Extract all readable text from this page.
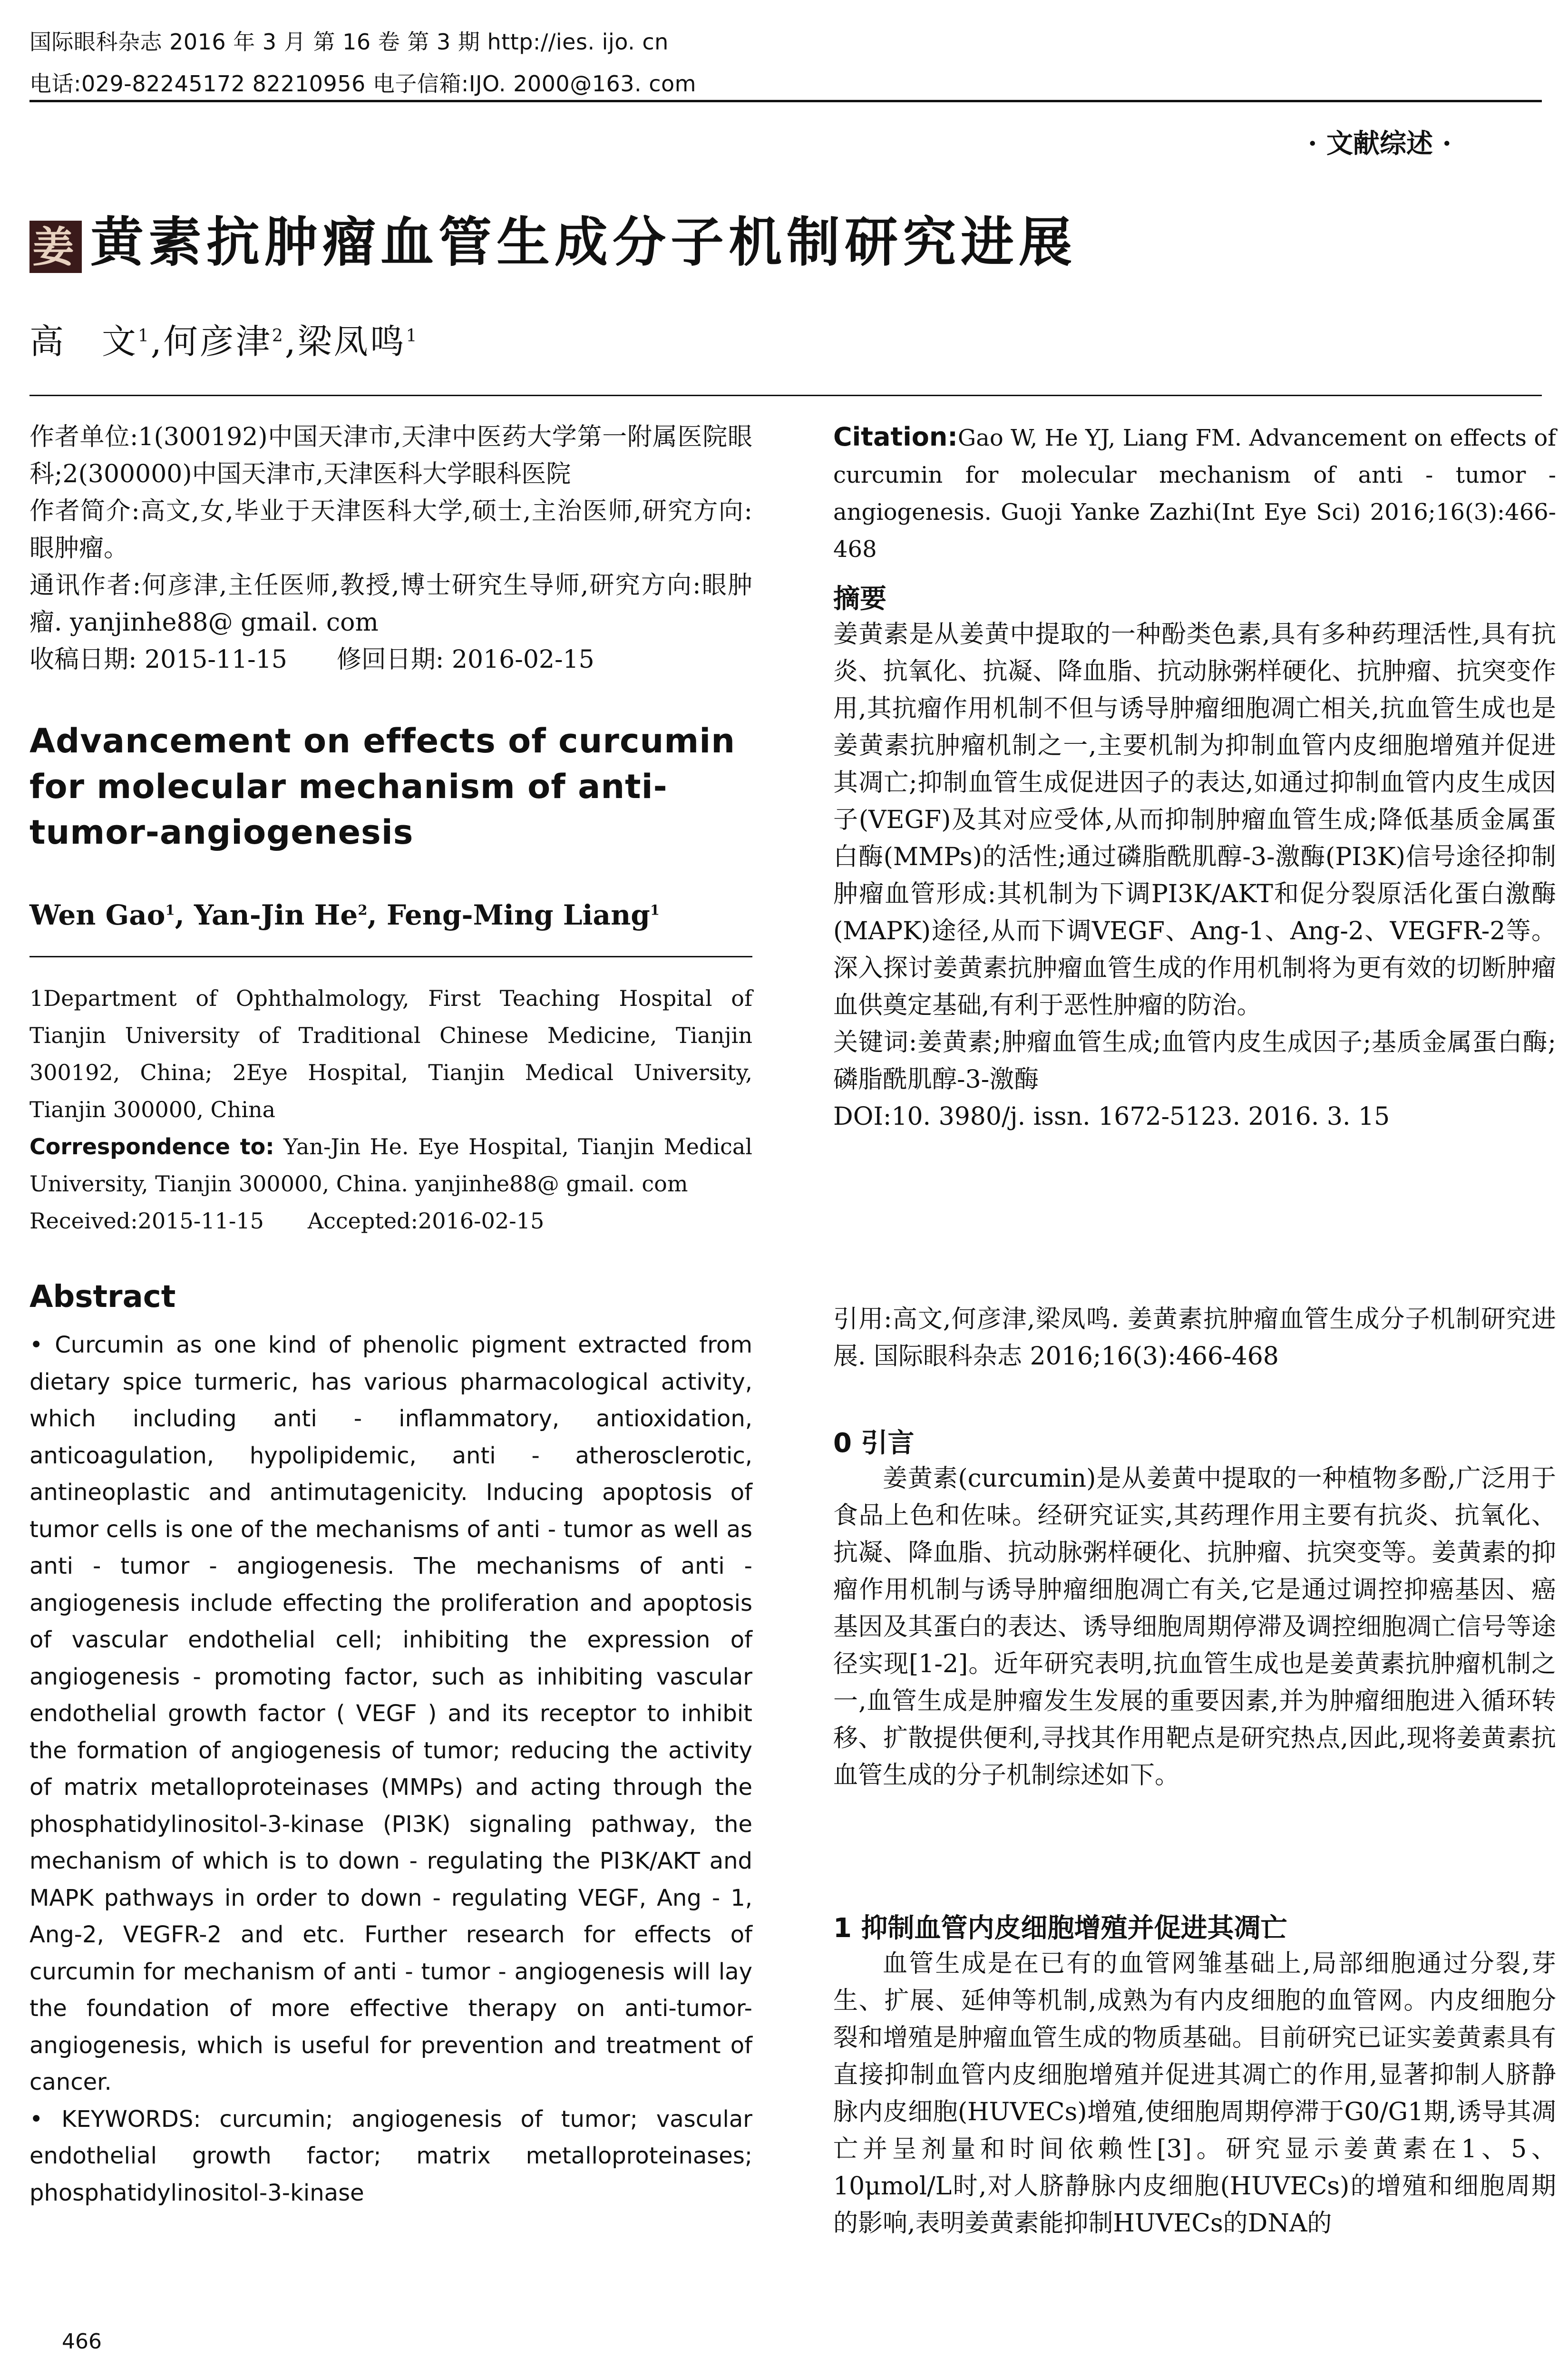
国际眼科杂志 2016 年 3 月 第 16 卷 第 3 期 http://ies. ijo. cn
电话:029-82245172 82210956 电子信箱:IJO. 2000@163. com
· 文献综述 ·
姜 黄素抗肿瘤血管生成分子机制研究进展
高　文$^1$,何彦津$^2$,梁凤鸣$^1$

作者单位:1(300192)中国天津市,天津中医药大学第一附属医院眼科;2(300000)中国天津市,天津医科大学眼科医院

作者简介:高文,女,毕业于天津医科大学,硕士,主治医师,研究方向:眼肿瘤。

通讯作者:何彦津,主任医师,教授,博士研究生导师,研究方向:眼肿瘤. yanjinhe88@ gmail. com

收稿日期: 2015-11-15　　修回日期: 2016-02-15

Advancement on effects of curcumin for molecular mechanism of anti-tumor-angiogenesis
Wen Gao$^1$, Yan-Jin He$^2$, Feng-Ming Liang$^1$
1Department of Ophthalmology, First Teaching Hospital of Tianjin University of Traditional Chinese Medicine, Tianjin 300192, China; 2Eye Hospital, Tianjin Medical University, Tianjin 300000, China
Correspondence to: Yan-Jin He. Eye Hospital, Tianjin Medical University, Tianjin 300000, China. yanjinhe88@ gmail. com
Received:2015-11-15　　Accepted:2016-02-15
Abstract

• Curcumin as one kind of phenolic pigment extracted from dietary spice turmeric, has various pharmacological activity, which including anti - inflammatory, antioxidation, anticoagulation, hypolipidemic, anti - atherosclerotic, antineoplastic and antimutagenicity. Inducing apoptosis of tumor cells is one of the mechanisms of anti - tumor as well as anti - tumor - angiogenesis. The mechanisms of anti - angiogenesis include effecting the proliferation and apoptosis of vascular endothelial cell; inhibiting the expression of angiogenesis - promoting factor, such as inhibiting vascular endothelial growth factor ( VEGF ) and its receptor to inhibit the formation of angiogenesis of tumor; reducing the activity of matrix metalloproteinases (MMPs) and acting through the phosphatidylinositol-3-kinase (PI3K) signaling pathway, the mechanism of which is to down - regulating the PI3K/AKT and MAPK pathways in order to down - regulating VEGF, Ang - 1, Ang-2, VEGFR-2 and etc. Further research for effects of curcumin for mechanism of anti - tumor - angiogenesis will lay the foundation of more effective therapy on anti-tumor-angiogenesis, which is useful for prevention and treatment of cancer.

• KEYWORDS: curcumin; angiogenesis of tumor; vascular endothelial growth factor; matrix metalloproteinases; phosphatidylinositol-3-kinase

466
Citation:Gao W, He YJ, Liang FM. Advancement on effects of curcumin for molecular mechanism of anti - tumor - angiogenesis. Guoji Yanke Zazhi(Int Eye Sci) 2016;16(3):466-468
摘要

姜黄素是从姜黄中提取的一种酚类色素,具有多种药理活性,具有抗炎、抗氧化、抗凝、降血脂、抗动脉粥样硬化、抗肿瘤、抗突变作用,其抗瘤作用机制不但与诱导肿瘤细胞凋亡相关,抗血管生成也是姜黄素抗肿瘤机制之一,主要机制为抑制血管内皮细胞增殖并促进其凋亡;抑制血管生成促进因子的表达,如通过抑制血管内皮生成因子(VEGF)及其对应受体,从而抑制肿瘤血管生成;降低基质金属蛋白酶(MMPs)的活性;通过磷脂酰肌醇-3-激酶(PI3K)信号途径抑制肿瘤血管形成:其机制为下调PI3K/AKT和促分裂原活化蛋白激酶(MAPK)途径,从而下调VEGF、Ang-1、Ang-2、VEGFR-2等。深入探讨姜黄素抗肿瘤血管生成的作用机制将为更有效的切断肿瘤血供奠定基础,有利于恶性肿瘤的防治。

关键词:姜黄素;肿瘤血管生成;血管内皮生成因子;基质金属蛋白酶;磷脂酰肌醇-3-激酶

DOI:10. 3980/j. issn. 1672-5123. 2016. 3. 15

引用:高文,何彦津,梁凤鸣. 姜黄素抗肿瘤血管生成分子机制研究进展. 国际眼科杂志 2016;16(3):466-468
0 引言

姜黄素(curcumin)是从姜黄中提取的一种植物多酚,广泛用于食品上色和佐味。经研究证实,其药理作用主要有抗炎、抗氧化、抗凝、降血脂、抗动脉粥样硬化、抗肿瘤、抗突变等。姜黄素的抑瘤作用机制与诱导肿瘤细胞凋亡有关,它是通过调控抑癌基因、癌基因及其蛋白的表达、诱导细胞周期停滞及调控细胞凋亡信号等途径实现[1-2]。近年研究表明,抗血管生成也是姜黄素抗肿瘤机制之一,血管生成是肿瘤发生发展的重要因素,并为肿瘤细胞进入循环转移、扩散提供便利,寻找其作用靶点是研究热点,因此,现将姜黄素抗血管生成的分子机制综述如下。

1 抑制血管内皮细胞增殖并促进其凋亡

血管生成是在已有的血管网雏基础上,局部细胞通过分裂,芽生、扩展、延伸等机制,成熟为有内皮细胞的血管网。内皮细胞分裂和增殖是肿瘤血管生成的物质基础。目前研究已证实姜黄素具有直接抑制血管内皮细胞增殖并促进其凋亡的作用,显著抑制人脐静脉内皮细胞(HUVECs)增殖,使细胞周期停滞于G0/G1期,诱导其凋亡并呈剂量和时间依赖性[3]。研究显示姜黄素在1、5、10μmol/L时,对人脐静脉内皮细胞(HUVECs)的增殖和细胞周期的影响,表明姜黄素能抑制HUVECs的DNA的
